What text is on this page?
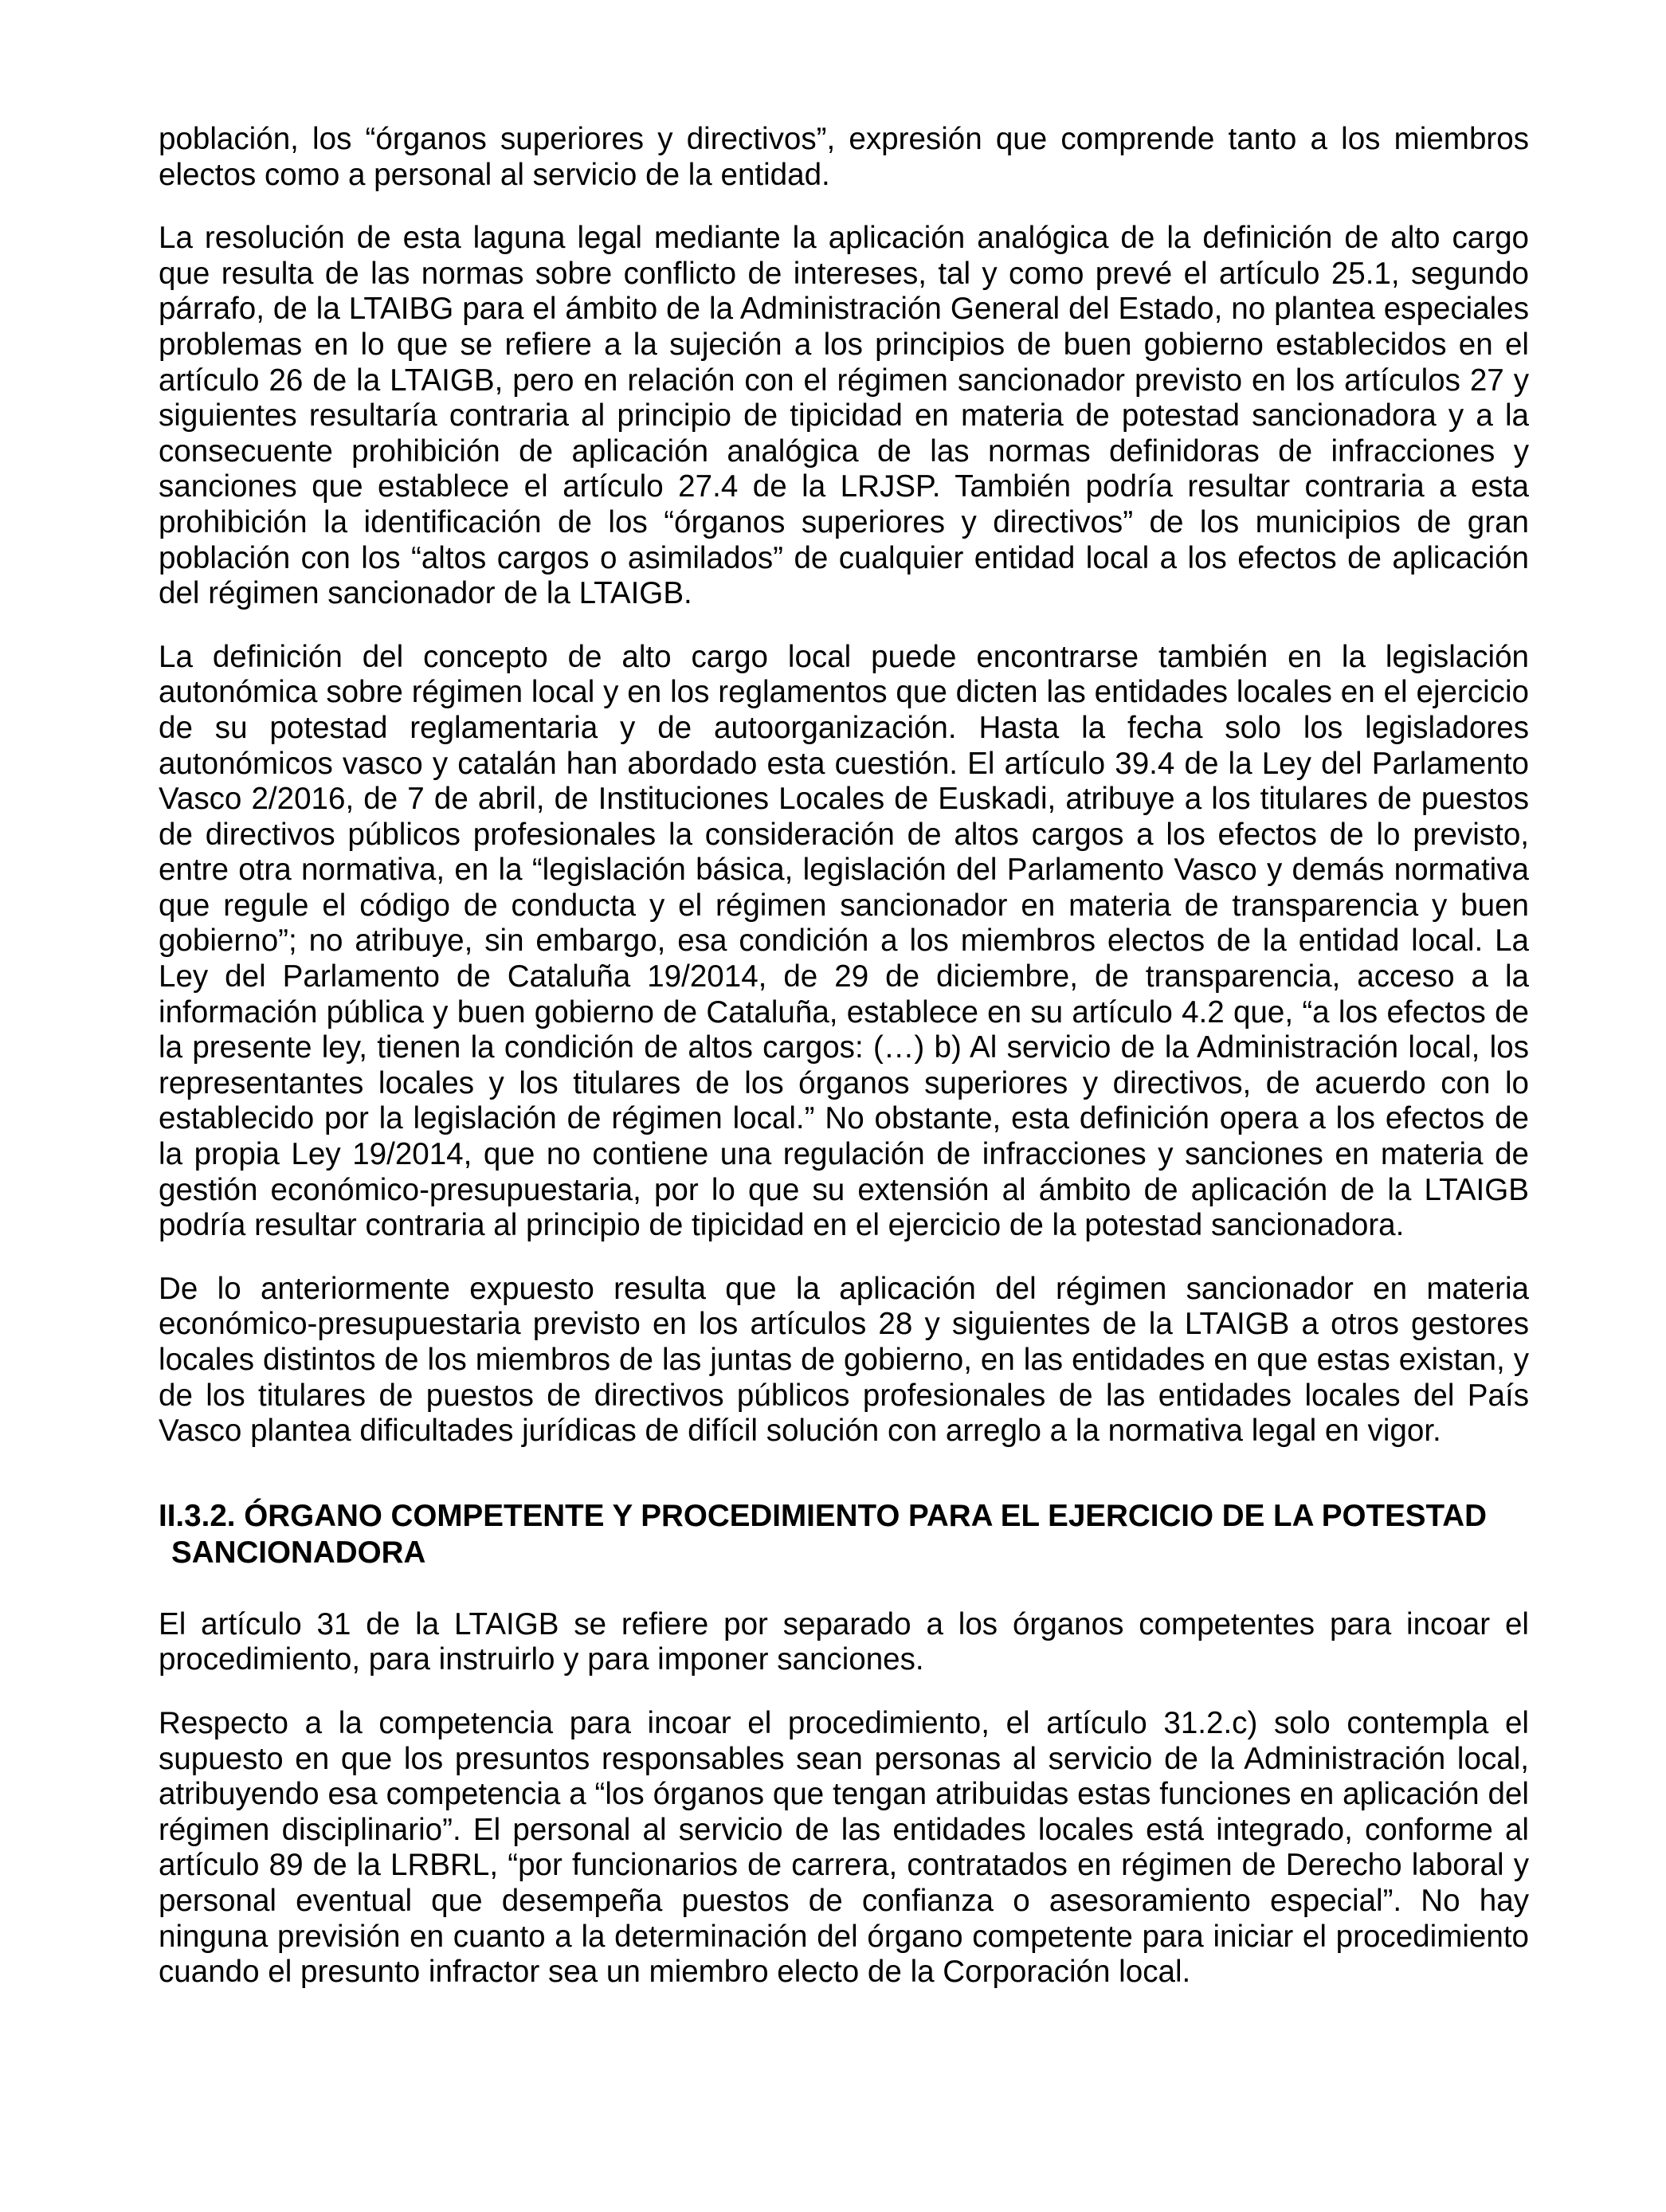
población, los “órganos superiores y directivos”, expresión que comprende tanto a los miembros electos como a personal al servicio de la entidad.

La resolución de esta laguna legal mediante la aplicación analógica de la definición de alto cargo que resulta de las normas sobre conflicto de intereses, tal y como prevé el artículo 25.1, segundo párrafo, de la LTAIBG para el ámbito de la Administración General del Estado, no plantea especiales problemas en lo que se refiere a la sujeción a los principios de buen gobierno establecidos en el artículo 26 de la LTAIGB, pero en relación con el régimen sancionador previsto en los artículos 27 y siguientes resultaría contraria al principio de tipicidad en materia de potestad sancionadora y a la consecuente prohibición de aplicación analógica de las normas definidoras de infracciones y sanciones que establece el artículo 27.4 de la LRJSP. También podría resultar contraria a esta prohibición la identificación de los “órganos superiores y directivos” de los municipios de gran población con los “altos cargos o asimilados” de cualquier entidad local a los efectos de aplicación del régimen sancionador de la LTAIGB.

La definición del concepto de alto cargo local puede encontrarse también en la legislación autonómica sobre régimen local y en los reglamentos que dicten las entidades locales en el ejercicio de su potestad reglamentaria y de autoorganización. Hasta la fecha solo los legisladores autonómicos vasco y catalán han abordado esta cuestión. El artículo 39.4 de la Ley del Parlamento Vasco 2/2016, de 7 de abril, de Instituciones Locales de Euskadi, atribuye a los titulares de puestos de directivos públicos profesionales la consideración de altos cargos a los efectos de lo previsto, entre otra normativa, en la “legislación básica, legislación del Parlamento Vasco y demás normativa que regule el código de conducta y el régimen sancionador en materia de transparencia y buen gobierno”; no atribuye, sin embargo, esa condición a los miembros electos de la entidad local. La Ley del Parlamento de Cataluña 19/2014, de 29 de diciembre, de transparencia, acceso a la información pública y buen gobierno de Cataluña, establece en su artículo 4.2 que, “a los efectos de la presente ley, tienen la condición de altos cargos: (…) b) Al servicio de la Administración local, los representantes locales y los titulares de los órganos superiores y directivos, de acuerdo con lo establecido por la legislación de régimen local.” No obstante, esta definición opera a los efectos de la propia Ley 19/2014, que no contiene una regulación de infracciones y sanciones en materia de gestión económico-presupuestaria, por lo que su extensión al ámbito de aplicación de la LTAIGB podría resultar contraria al principio de tipicidad en el ejercicio de la potestad sancionadora.

De lo anteriormente expuesto resulta que la aplicación del régimen sancionador en materia económico-presupuestaria previsto en los artículos 28 y siguientes de la LTAIGB a otros gestores locales distintos de los miembros de las juntas de gobierno, en las entidades en que estas existan, y de los titulares de puestos de directivos públicos profesionales de las entidades locales del País Vasco plantea dificultades jurídicas de difícil solución con arreglo a la normativa legal en vigor.

II.3.2. ÓRGANO COMPETENTE Y PROCEDIMIENTO PARA EL EJERCICIO DE LA POTESTAD
SANCIONADORA

El artículo 31 de la LTAIGB se refiere por separado a los órganos competentes para incoar el procedimiento, para instruirlo y para imponer sanciones.

Respecto a la competencia para incoar el procedimiento, el artículo 31.2.c) solo contempla el supuesto en que los presuntos responsables sean personas al servicio de la Administración local, atribuyendo esa competencia a “los órganos que tengan atribuidas estas funciones en aplicación del régimen disciplinario”. El personal al servicio de las entidades locales está integrado, conforme al artículo 89 de la LRBRL, “por funcionarios de carrera, contratados en régimen de Derecho laboral y personal eventual que desempeña puestos de confianza o asesoramiento especial”. No hay ninguna previsión en cuanto a la determinación del órgano competente para iniciar el procedimiento cuando el presunto infractor sea un miembro electo de la Corporación local.
